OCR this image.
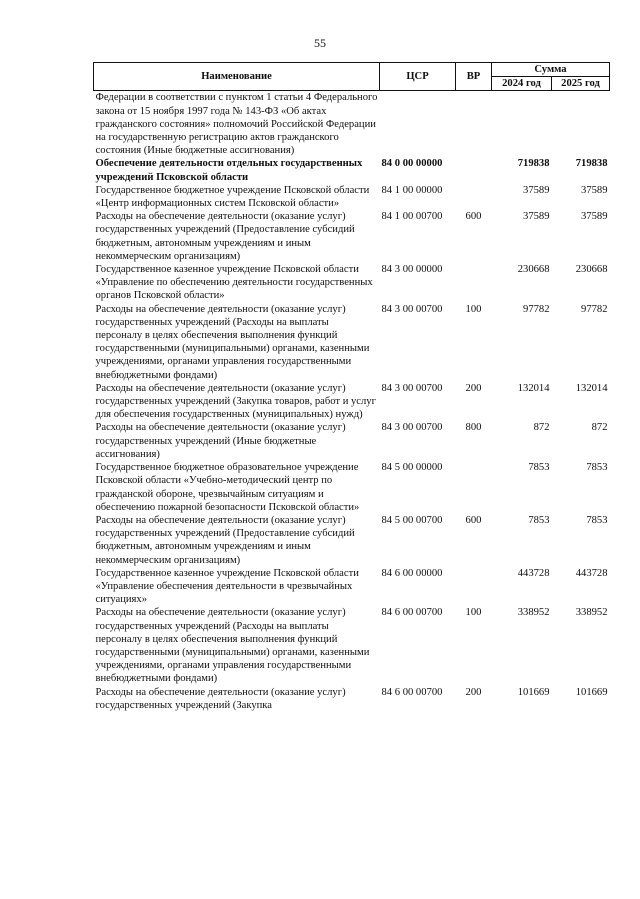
55
Наименование	ЦСР	ВР	Сумма	
			2024 год	2025 год
Федерации в соответствии с пунктом 1 статьи 4 Федерального закона от 15 ноября 1997 года № 143-ФЗ «Об актах гражданского состояния» полномочий Российской Федерации на государственную регистрацию актов гражданского состояния (Иные бюджетные ассигнования)				
Обеспечение деятельности отдельных государственных учреждений Псковской области	84 0 00 00000		719838	719838
Государственное бюджетное учреждение Псковской области «Центр информационных систем Псковской области»	84 1 00 00000		37589	37589
Расходы на обеспечение деятельности (оказание услуг) государственных учреждений (Предоставление субсидий бюджетным, автономным учреждениям и иным некоммерческим организациям)	84 1 00 00700	600	37589	37589
Государственное казенное учреждение Псковской области «Управление по обеспечению деятельности государственных органов Псковской области»	84 3 00 00000		230668	230668
Расходы на обеспечение деятельности (оказание услуг) государственных учреждений (Расходы на выплаты персоналу в целях обеспечения выполнения функций государственными (муниципальными) органами, казенными учреждениями, органами управления государственными внебюджетными фондами)	84 3 00 00700	100	97782	97782
Расходы на обеспечение деятельности (оказание услуг) государственных учреждений (Закупка товаров, работ и услуг для обеспечения государственных (муниципальных) нужд)	84 3 00 00700	200	132014	132014
Расходы на обеспечение деятельности (оказание услуг) государственных учреждений (Иные бюджетные ассигнования)	84 3 00 00700	800	872	872
Государственное бюджетное образовательное учреждение Псковской области «Учебно-методический центр по гражданской обороне, чрезвычайным ситуациям и обеспечению пожарной безопасности Псковской области»	84 5 00 00000		7853	7853
Расходы на обеспечение деятельности (оказание услуг) государственных учреждений (Предоставление субсидий бюджетным, автономным учреждениям и иным некоммерческим организациям)	84 5 00 00700	600	7853	7853
Государственное казенное учреждение Псковской области «Управление обеспечения деятельности в чрезвычайных ситуациях»	84 6 00 00000		443728	443728
Расходы на обеспечение деятельности (оказание услуг) государственных учреждений (Расходы на выплаты персоналу в целях обеспечения выполнения функций государственными (муниципальными) органами, казенными учреждениями, органами управления государственными внебюджетными фондами)	84 6 00 00700	100	338952	338952
Расходы на обеспечение деятельности (оказание услуг) государственных учреждений (Закупка	84 6 00 00700	200	101669	101669
